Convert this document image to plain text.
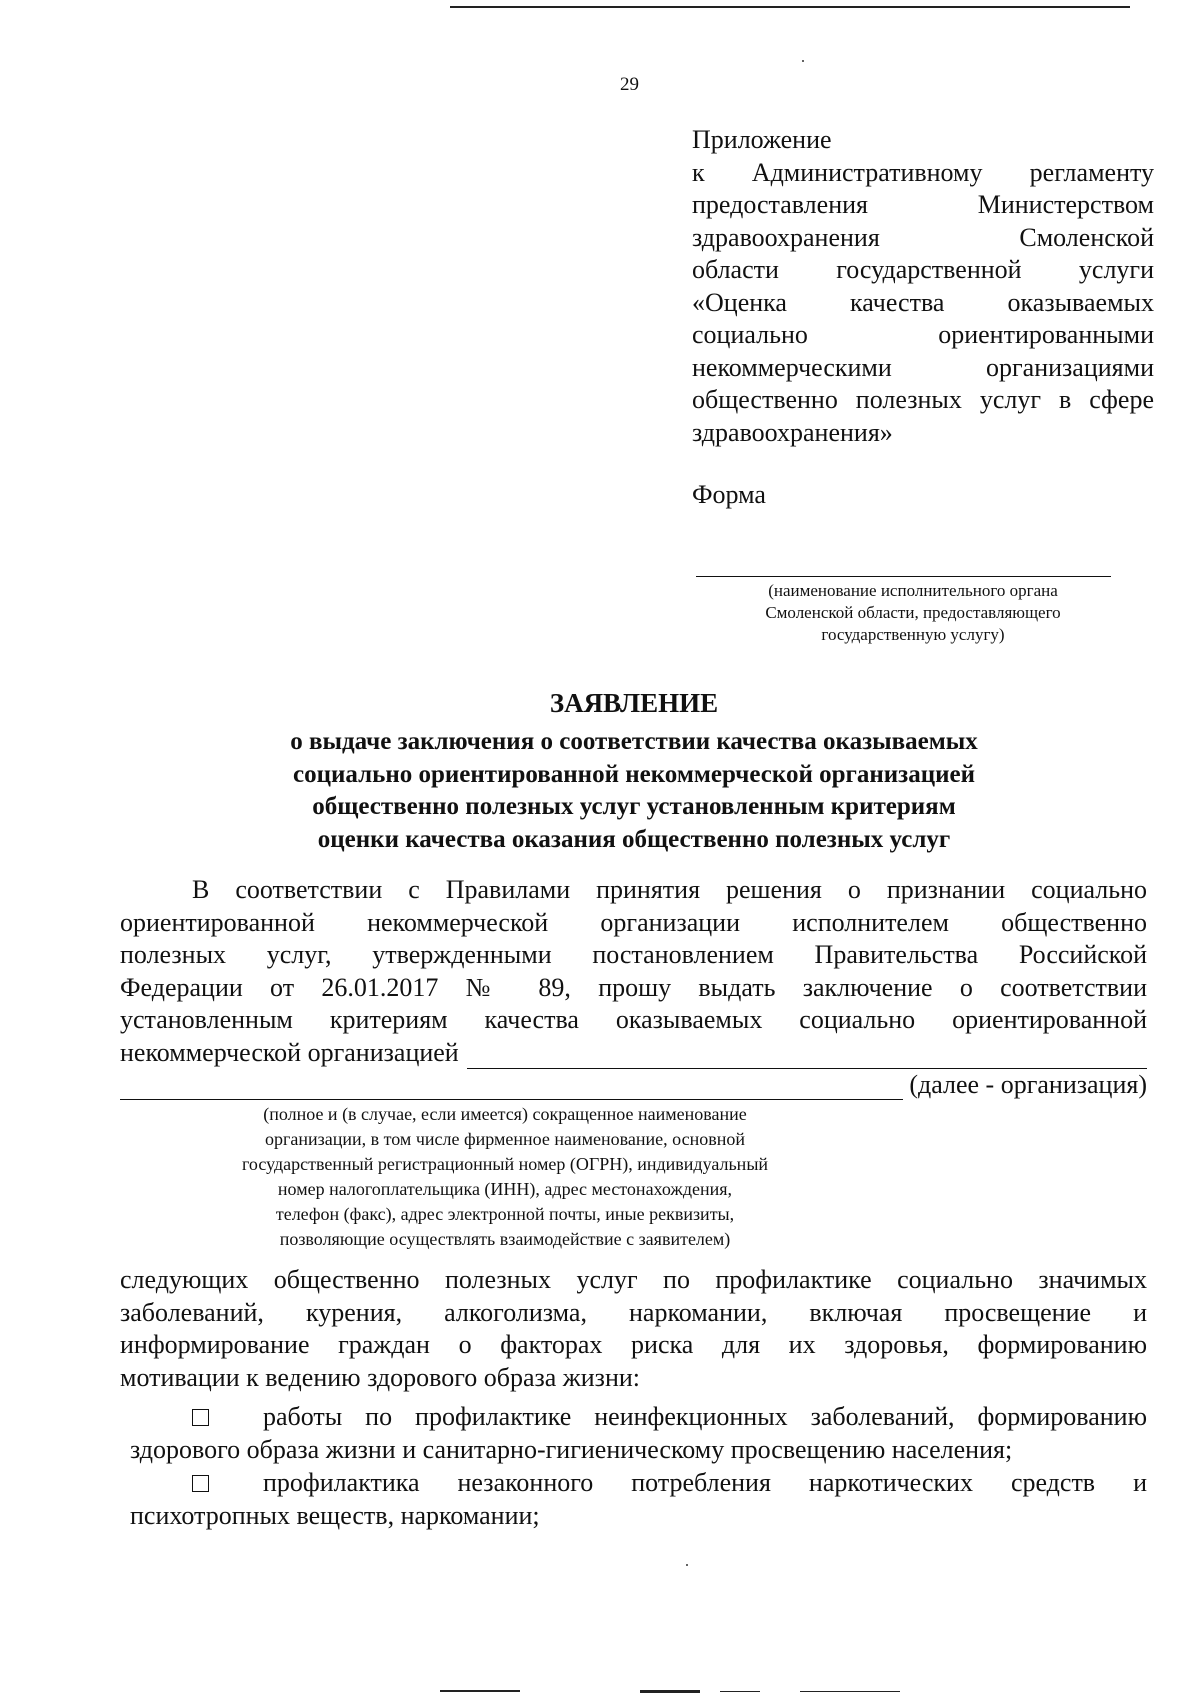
29
Приложение
к Административному регламенту
предоставления Министерством
здравоохранения Смоленской
области государственной услуги
«Оценка качества оказываемых
социально ориентированными
некоммерческими организациями
общественно полезных услуг в сфере
здравоохранения»
Форма
(наименование исполнительного органа
Смоленской области, предоставляющего
государственную услугу)
ЗАЯВЛЕНИЕ
о выдаче заключения о соответствии качества оказываемых
социально ориентированной некоммерческой организацией
общественно полезных услуг установленным критериям
оценки качества оказания общественно полезных услуг
В соответствии с Правилами принятия решения о признании социально
ориентированной некоммерческой организации исполнителем общественно
полезных услуг, утвержденными постановлением Правительства Российской
Федерации от 26.01.2017 № 89, прошу выдать заключение о соответствии
установленным критериям качества оказываемых социально ориентированной
некоммерческой организацией
(далее - организация)
(полное и (в случае, если имеется) сокращенное наименование
организации, в том числе фирменное наименование, основной
государственный регистрационный номер (ОГРН), индивидуальный
номер налогоплательщика (ИНН), адрес местонахождения,
телефон (факс), адрес электронной почты, иные реквизиты,
позволяющие осуществлять взаимодействие с заявителем)
следующих общественно полезных услуг по профилактике социально значимых
заболеваний, курения, алкоголизма, наркомании, включая просвещение и
информирование граждан о факторах риска для их здоровья, формированию
мотивации к ведению здорового образа жизни:
работы по профилактике неинфекционных заболеваний, формированию
здорового образа жизни и санитарно-гигиеническому просвещению населения;
профилактика незаконного потребления наркотических средств и
психотропных веществ, наркомании;
